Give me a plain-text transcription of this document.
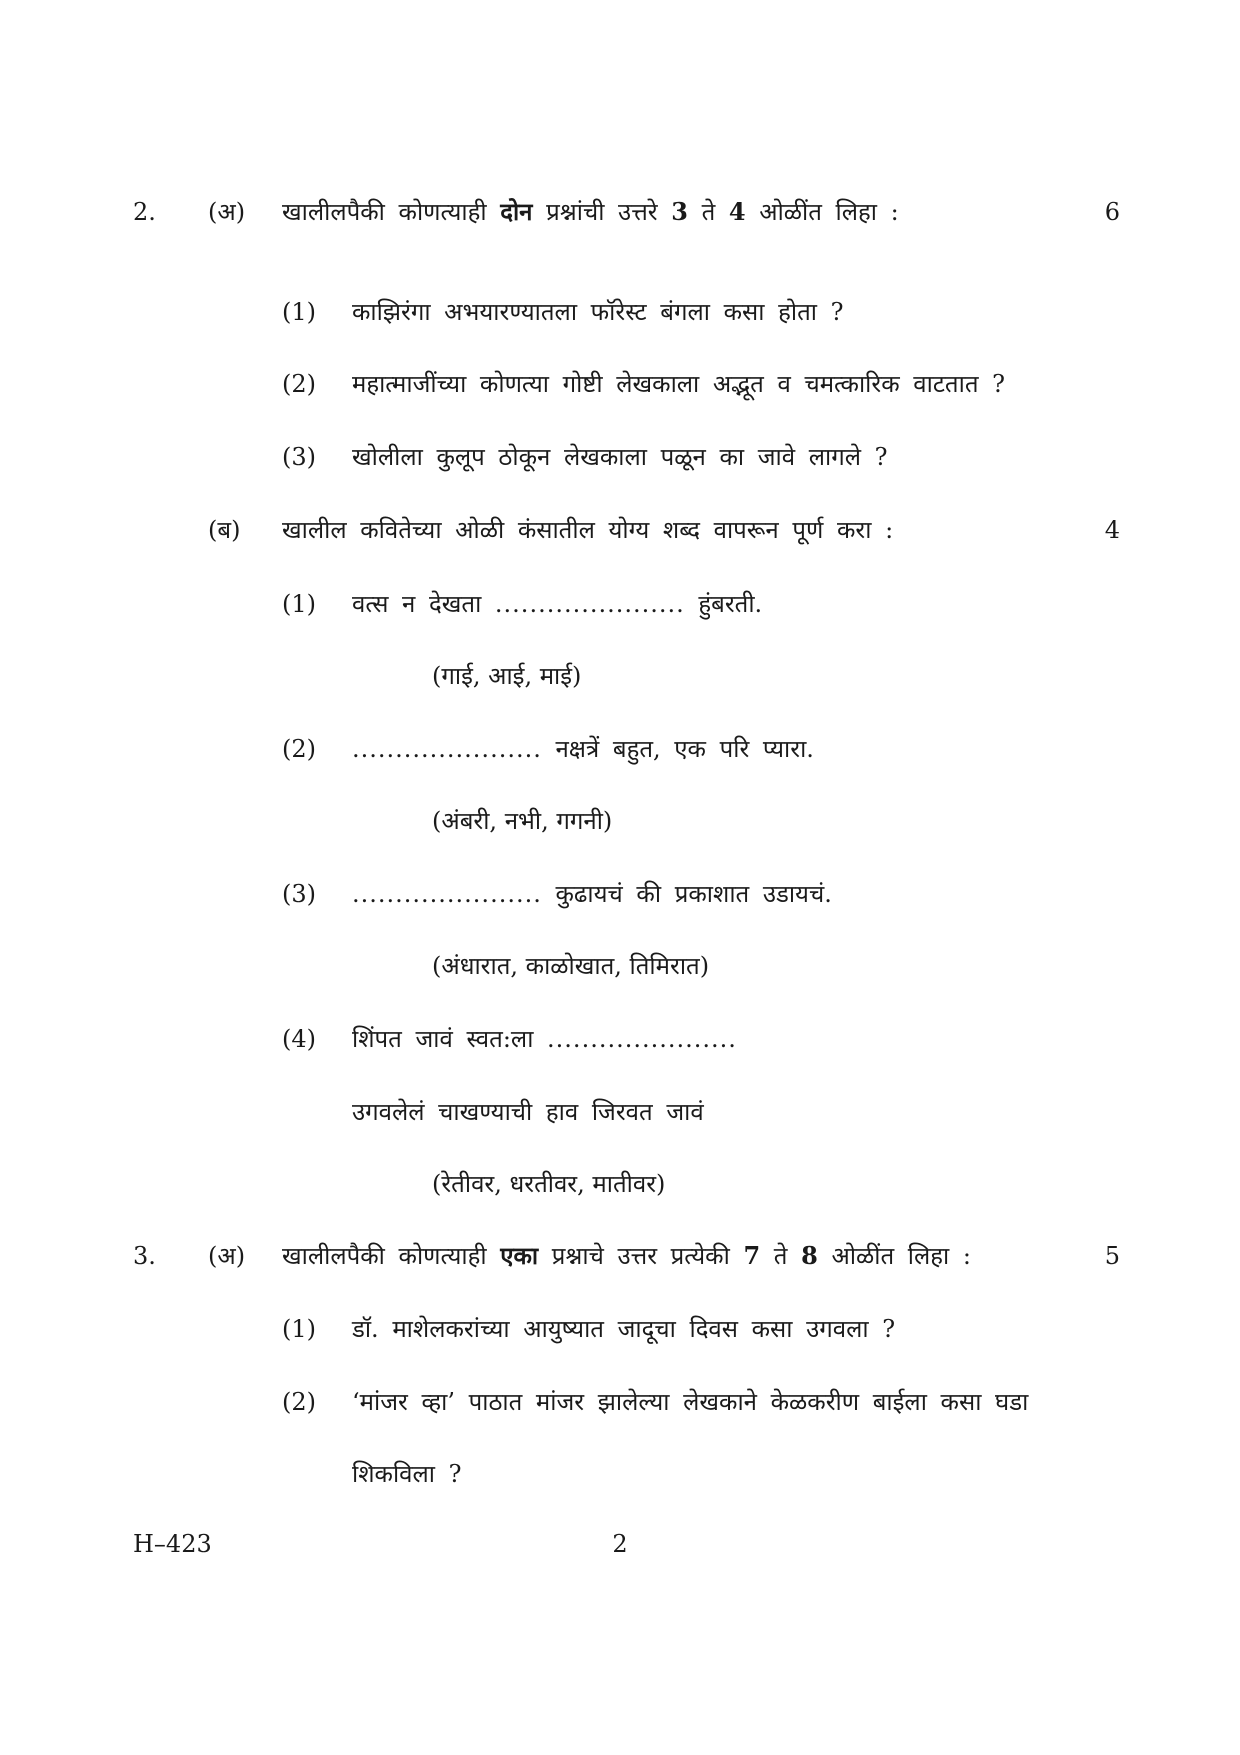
2. (अ) खालीलपैकी कोणत्याही दोन प्रश्नांची उत्तरे 3 ते 4 ओळींत लिहा :	6
(1) काझिरंगा अभयारण्यातला फॉरेस्ट बंगला कसा होता ?
(2) महात्माजींच्या कोणत्या गोष्टी लेखकाला अद्भूत व चमत्कारिक वाटतात ?
(3) खोलीला कुलूप ठोकून लेखकाला पळून का जावे लागले ?
(ब) खालील कवितेच्या ओळी कंसातील योग्य शब्द वापरून पूर्ण करा :	4
(1) वत्स न देखता ...................... हुंबरती.
(गाई, आई, माई)
(2) ...................... नक्षत्रें बहुत, एक परि प्यारा.
(अंबरी, नभी, गगनी)
(3) ...................... कुढायचं की प्रकाशात उडायचं.
(अंधारात, काळोखात, तिमिरात)
(4) शिंपत जावं स्वत:ला ......................
उगवलेलं चाखण्याची हाव जिरवत जावं
(रेतीवर, धरतीवर, मातीवर)
3. (अ) खालीलपैकी कोणत्याही एका प्रश्नाचे उत्तर प्रत्येकी 7 ते 8 ओळींत लिहा :	5
(1) डॉ. माशेलकरांच्या आयुष्यात जादूचा दिवस कसा उगवला ?
(2) ‘मांजर व्हा’ पाठात मांजर झालेल्या लेखकाने केळकरीण बाईला कसा घडा
शिकविला ?
H–423	2
